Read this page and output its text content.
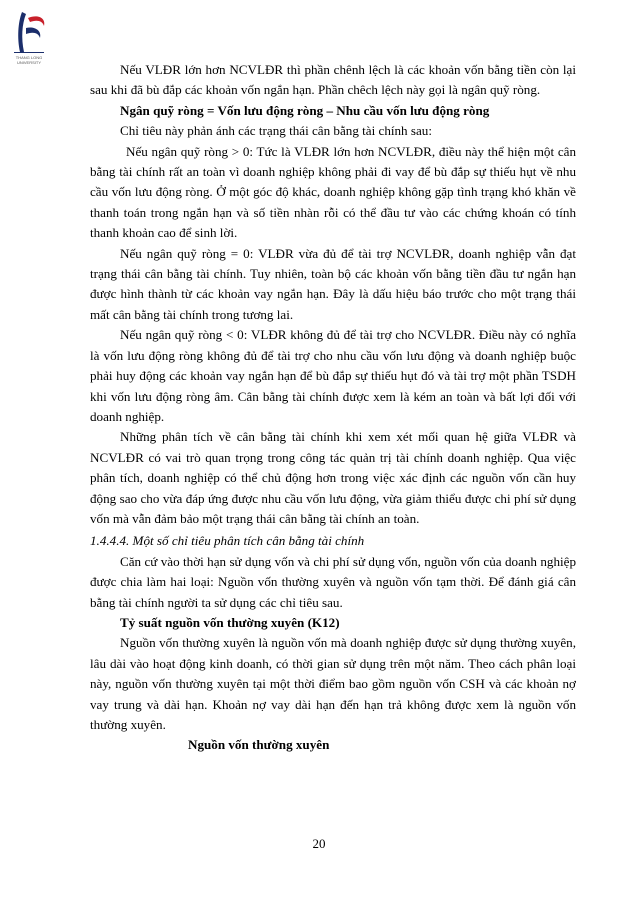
THANG LONG
UNIVERSITY	Nếu VLĐR lớn hơn NCVLĐR thì phần chênh lệch là các khoản vốn bằng tiền còn lại sau khi đã bù đắp các khoản vốn ngắn hạn. Phần chêch lệch này gọi là ngân quỹ ròng.

Ngân quỹ ròng = Vốn lưu động ròng – Nhu cầu vốn lưu động ròng

Chỉ tiêu này phản ánh các trạng thái cân bằng tài chính sau:

Nếu ngân quỹ ròng > 0: Tức là VLĐR lớn hơn NCVLĐR, điều này thể hiện một cân bằng tài chính rất an toàn vì doanh nghiệp không phải đi vay để bù đắp sự thiếu hụt về nhu cầu vốn lưu động ròng. Ở một góc độ khác, doanh nghiệp không gặp tình trạng khó khăn về thanh toán trong ngắn hạn và số tiền nhàn rỗi có thể đầu tư vào các chứng khoán có tính thanh khoản cao để sinh lời.

Nếu ngân quỹ ròng = 0: VLĐR vừa đủ để tài trợ NCVLĐR, doanh nghiệp vẫn đạt trạng thái cân bằng tài chính. Tuy nhiên, toàn bộ các khoản vốn bằng tiền đầu tư ngắn hạn được hình thành từ các khoản vay ngắn hạn. Đây là dấu hiệu báo trước cho một trạng thái mất cân bằng tài chính trong tương lai.

Nếu ngân quỹ ròng < 0: VLĐR không đủ để tài trợ cho NCVLĐR. Điều này có nghĩa là vốn lưu động ròng không đủ để tài trợ cho nhu cầu vốn lưu động và doanh nghiệp buộc phải huy động các khoản vay ngắn hạn để bù đắp sự thiếu hụt đó và tài trợ một phần TSDH khi vốn lưu động ròng âm. Cân bằng tài chính được xem là kém an toàn và bất lợi đối với doanh nghiệp.

Những phân tích về cân bằng tài chính khi xem xét mối quan hệ giữa VLĐR và NCVLĐR có vai trò quan trọng trong công tác quản trị tài chính doanh nghiệp. Qua việc phân tích, doanh nghiệp có thể chủ động hơn trong việc xác định các nguồn vốn cần huy động sao cho vừa đáp ứng được nhu cầu vốn lưu động, vừa giảm thiểu được chi phí sử dụng vốn mà vẫn đảm bảo một trạng thái cân bằng tài chính an toàn.

1.4.4.4. Một số chỉ tiêu phân tích cân bằng tài chính

Căn cứ vào thời hạn sử dụng vốn và chi phí sử dụng vốn, nguồn vốn của doanh nghiệp được chia làm hai loại: Nguồn vốn thường xuyên và nguồn vốn tạm thời. Để đánh giá cân bằng tài chính người ta sử dụng các chỉ tiêu sau.

Tỷ suất nguồn vốn thường xuyên (K12)

Nguồn vốn thường xuyên là nguồn vốn mà doanh nghiệp được sử dụng thường xuyên, lâu dài vào hoạt động kinh doanh, có thời gian sử dụng trên một năm. Theo cách phân loại này, nguồn vốn thường xuyên tại một thời điểm bao gồm nguồn vốn CSH và các khoản nợ vay trung và dài hạn. Khoản nợ vay dài hạn đến hạn trả không được xem là nguồn vốn thường xuyên.

Nguồn vốn thường xuyên

20
